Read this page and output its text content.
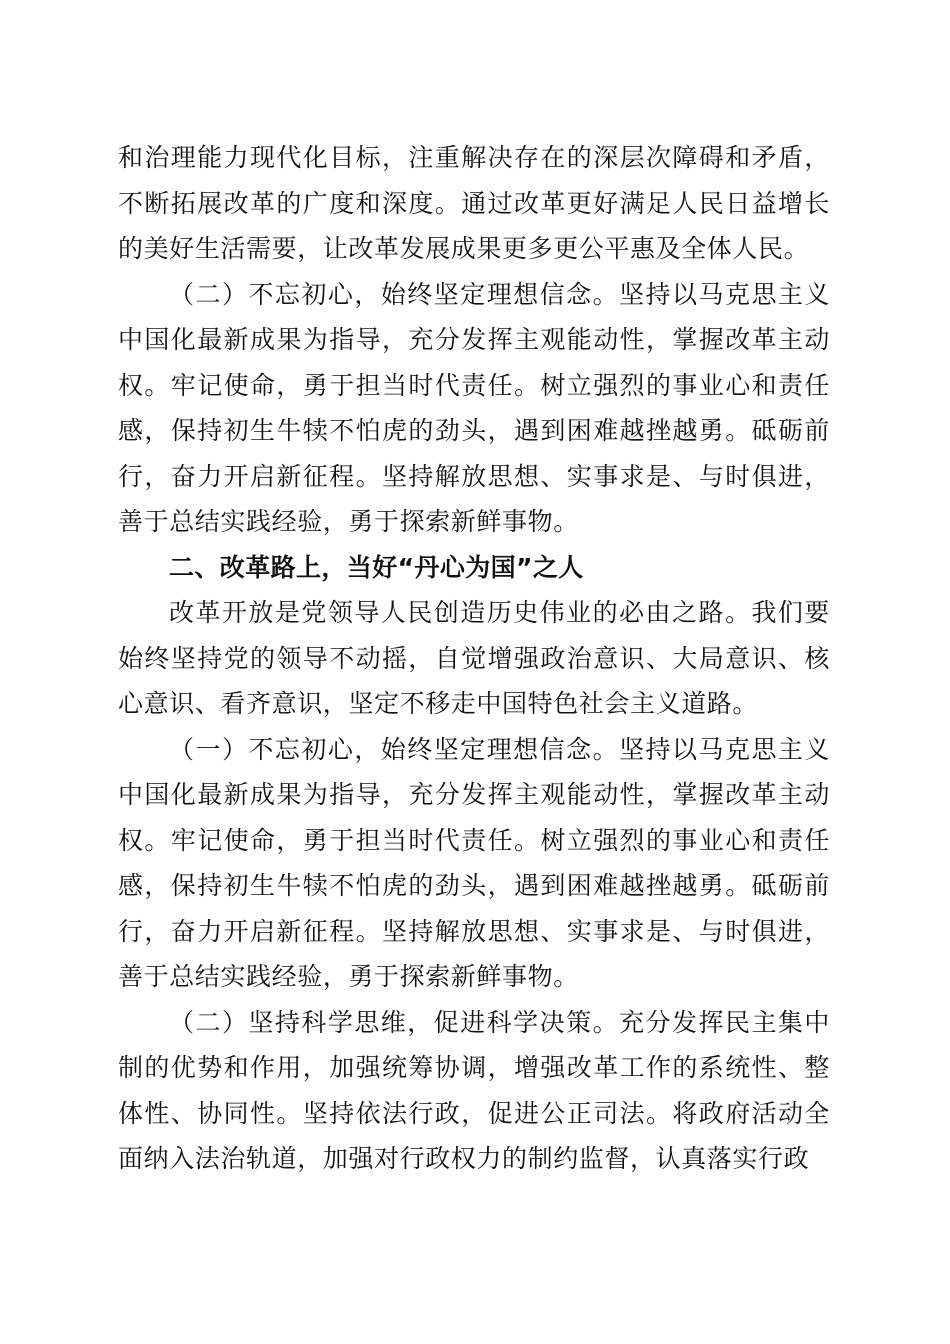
和治理能力现代化目标，注重解决存在的深层次障碍和矛盾，不断拓展改革的广度和深度。通过改革更好满足人民日益增长的美好生活需要，让改革发展成果更多更公平惠及全体人民。

（二）不忘初心，始终坚定理想信念。坚持以马克思主义中国化最新成果为指导，充分发挥主观能动性，掌握改革主动权。牢记使命，勇于担当时代责任。树立强烈的事业心和责任感，保持初生牛犊不怕虎的劲头，遇到困难越挫越勇。砥砺前行，奋力开启新征程。坚持解放思想、实事求是、与时俱进，善于总结实践经验，勇于探索新鲜事物。

二、改革路上，当好“丹心为国”之人

改革开放是党领导人民创造历史伟业的必由之路。我们要始终坚持党的领导不动摇，自觉增强政治意识、大局意识、核心意识、看齐意识，坚定不移走中国特色社会主义道路。

（一）不忘初心，始终坚定理想信念。坚持以马克思主义中国化最新成果为指导，充分发挥主观能动性，掌握改革主动权。牢记使命，勇于担当时代责任。树立强烈的事业心和责任感，保持初生牛犊不怕虎的劲头，遇到困难越挫越勇。砥砺前行，奋力开启新征程。坚持解放思想、实事求是、与时俱进，善于总结实践经验，勇于探索新鲜事物。

（二）坚持科学思维，促进科学决策。充分发挥民主集中制的优势和作用，加强统筹协调，增强改革工作的系统性、整体性、协同性。坚持依法行政，促进公正司法。将政府活动全面纳入法治轨道，加强对行政权力的制约监督，认真落实行政
